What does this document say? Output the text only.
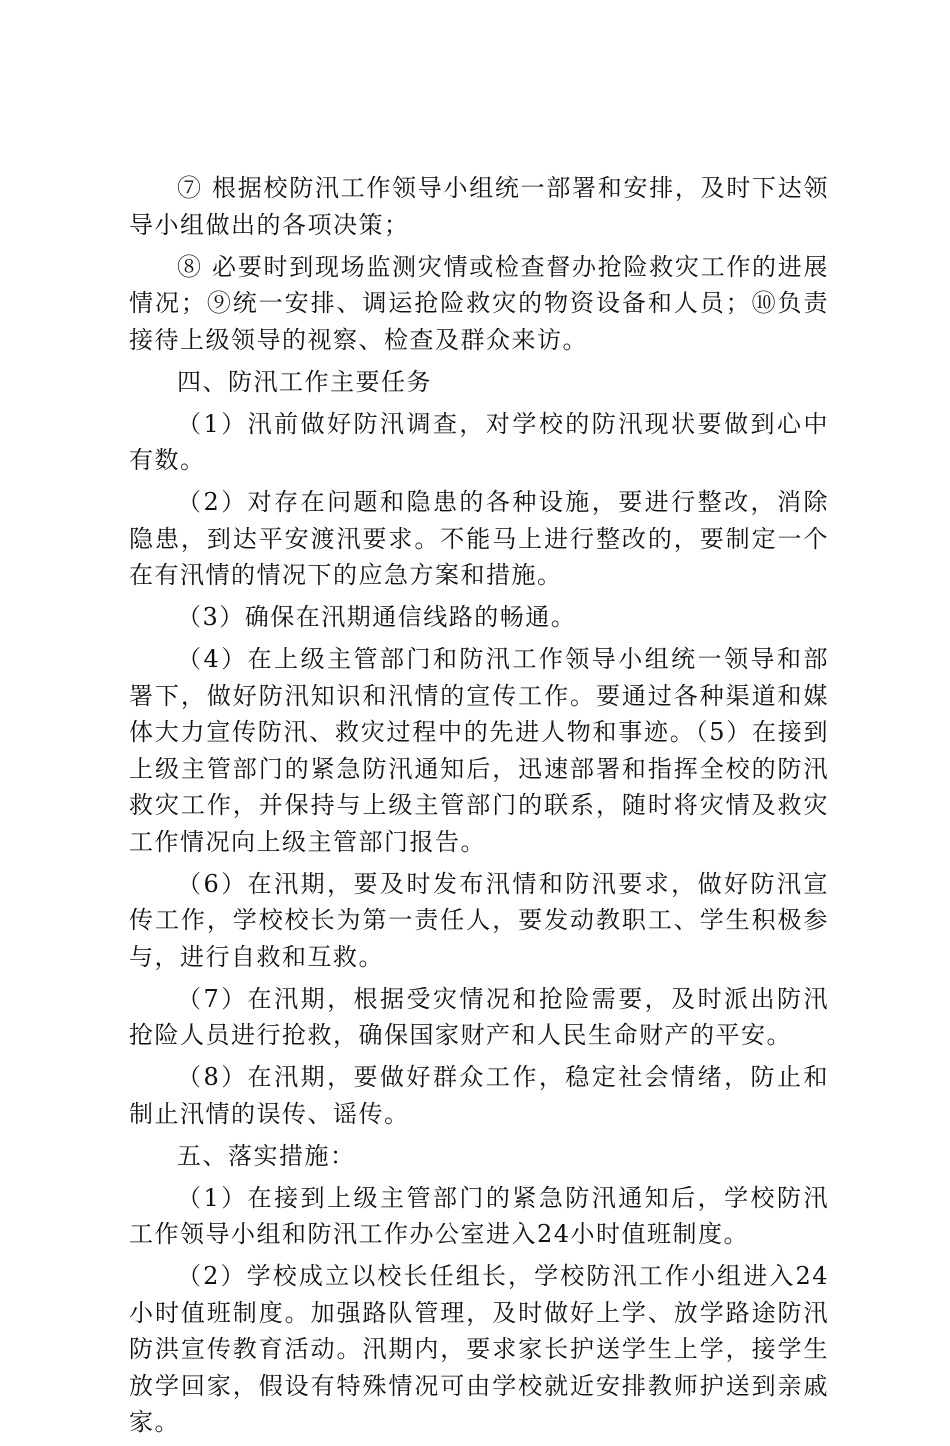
⑦ 根据校防汛工作领导小组统一部署和安排，及时下达领导小组做出的各项决策；

⑧ 必要时到现场监测灾情或检查督办抢险救灾工作的进展情况；⑨统一安排、调运抢险救灾的物资设备和人员；⑩负责接待上级领导的视察、检查及群众来访。

四、防汛工作主要任务

（1）汛前做好防汛调查，对学校的防汛现状要做到心中有数。

（2）对存在问题和隐患的各种设施，要进行整改，消除隐患，到达平安渡汛要求。不能马上进行整改的，要制定一个在有汛情的情况下的应急方案和措施。

（3）确保在汛期通信线路的畅通。

（4）在上级主管部门和防汛工作领导小组统一领导和部署下，做好防汛知识和汛情的宣传工作。要通过各种渠道和媒体大力宣传防汛、救灾过程中的先进人物和事迹。（5）在接到上级主管部门的紧急防汛通知后，迅速部署和指挥全校的防汛救灾工作，并保持与上级主管部门的联系，随时将灾情及救灾工作情况向上级主管部门报告。

（6）在汛期，要及时发布汛情和防汛要求，做好防汛宣传工作，学校校长为第一责任人，要发动教职工、学生积极参与，进行自救和互救。

（7）在汛期，根据受灾情况和抢险需要，及时派出防汛抢险人员进行抢救，确保国家财产和人民生命财产的平安。

（8）在汛期，要做好群众工作，稳定社会情绪，防止和制止汛情的误传、谣传。

五、落实措施：

（1）在接到上级主管部门的紧急防汛通知后，学校防汛工作领导小组和防汛工作办公室进入24小时值班制度。

（2）学校成立以校长任组长，学校防汛工作小组进入24小时值班制度。加强路队管理，及时做好上学、放学路途防汛防洪宣传教育活动。汛期内，要求家长护送学生上学，接学生放学回家，假设有特殊情况可由学校就近安排教师护送到亲戚家。
